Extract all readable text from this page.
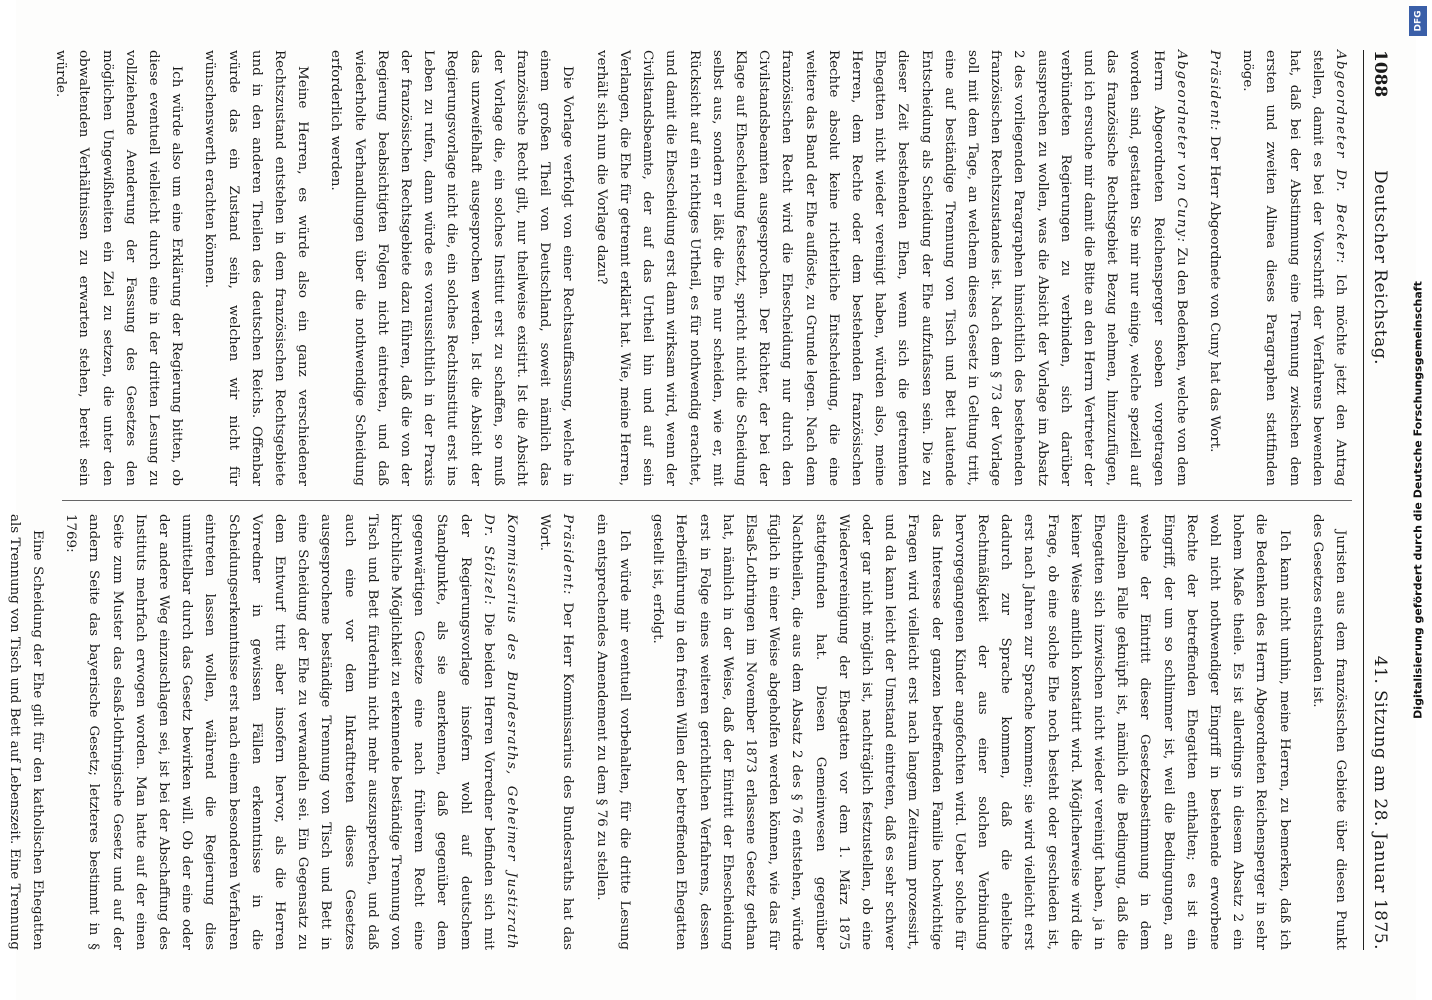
1088
Deutscher Reichstag.
41. Sitzung am 28. Januar 1875.

Abgeordneter Dr. Becker: Ich möchte jetzt den Antrag stellen, damit es bei der Vorschrift der Verfahrens bewenden hat, daß bei der Abstimmung eine Trennung zwischen dem ersten und zweiten Alinea dieses Paragraphen stattfinden möge.

Präsident: Der Herr Abgeordnete von Cuny hat das Wort.

Abgeordneter von Cuny: Zu den Bedenken, welche von dem Herrn Abgeordneten Reichensperger soeben vorgetragen worden sind, gestatten Sie mir nur einige, welche speziell auf das französische Rechtsgebiet Bezug nehmen, hinzuzufügen, und ich ersuche mir damit die Bitte an den Herrn Vertreter der verbündeten Regierungen zu verbinden, sich darüber aussprechen zu wollen, was die Absicht der Vorlage im Absatz 2 des vorliegenden Paragraphen hinsichtlich des bestehenden französischen Rechtszustandes ist. Nach dem § 73 der Vorlage soll mit dem Tage, an welchem dieses Gesetz in Geltung tritt, eine auf beständige Trennung von Tisch und Bett lautende Entscheidung als Scheidung der Ehe aufzufassen sein. Die zu dieser Zeit bestehenden Ehen, wenn sich die getrennten Ehegatten nicht wieder vereinigt haben, würden also, meine Herren, dem Rechte oder dem bestehenden französischen Rechte absolut keine richterliche Entscheidung, die eine weitere das Band der Ehe auflöste, zu Grunde legen. Nach dem französischen Recht wird die Ehescheidung nur durch den Civilstandsbeamten ausgesprochen. Der Richter, der bei der Klage auf Ehescheidung festsetzt, spricht nicht die Scheidung selbst aus, sondern er läßt die Ehe nur scheiden, wie er, mit Rücksicht auf ein richtiges Urtheil, es für nothwendig erachtet, und damit die Ehescheidung erst dann wirksam wird, wenn der Civilstandsbeamte, der auf das Urtheil hin und auf sein Verlangen, die Ehe für getrennt erklärt hat. Wie, meine Herren, verhält sich nun die Vorlage dazu?

Die Vorlage verfolgt von einer Rechtsauffassung, welche in einem großen Theil von Deutschland, soweit nämlich das französische Recht gilt, nur theilweise existirt. Ist die Absicht der Vorlage die, ein solches Institut erst zu schaffen, so muß das unzweifelhaft ausgesprochen werden. Ist die Absicht der Regierungsvorlage nicht die, ein solches Rechtsinstitut erst ins Leben zu rufen, dann würde es voraussichtlich in der Praxis der französischen Rechtsgebiete dazu führen, daß die von der Regierung beabsichtigten Folgen nicht eintreten, und daß wiederholte Verhandlungen über die nothwendige Scheidung erforderlich werden.

Meine Herren, es würde also ein ganz verschiedener Rechtszustand entstehen in dem französischen Rechtsgebiete und in den anderen Theilen des deutschen Reichs. Offenbar würde das ein Zustand sein, welchen wir nicht für wünschenswerth erachten können.

Ich würde also um eine Erklärung der Regierung bitten, ob diese eventuell vielleicht durch eine in der dritten Lesung zu vollziehende Aenderung der Fassung des Gesetzes den möglichen Ungewißheiten ein Ziel zu setzen, die unter den obwaltenden Verhältnissen zu erwarten stehen, bereit sein würde.

Juristen aus dem französischen Gebiete über diesen Punkt des Gesetzes entstanden ist.

Ich kann nicht umhin, meine Herren, zu bemerken, daß ich die Bedenken des Herrn Abgeordneten Reichensperger in sehr hohem Maße theile. Es ist allerdings in diesem Absatz 2 ein wohl nicht nothwendiger Eingriff in bestehende erworbene Rechte der betreffenden Ehegatten enthalten; es ist ein Eingriff, der um so schlimmer ist, weil die Bedingungen, an welche der Eintritt dieser Gesetzesbestimmung in dem einzelnen Falle geknüpft ist, nämlich die Bedingung, daß die Ehegatten sich inzwischen nicht wieder vereinigt haben, ja in keiner Weise amtlich konstatirt wird. Möglicherweise wird die Frage, ob eine solche Ehe noch besteht oder geschieden ist, erst nach Jahren zur Sprache kommen; sie wird vielleicht erst dadurch zur Sprache kommen, daß die eheliche Rechtmäßigkeit der aus einer solchen Verbindung hervorgegangenen Kinder angefochten wird. Ueber solche für das Interesse der ganzen betreffenden Familie hochwichtige Fragen wird vielleicht erst nach langem Zeitraum prozessirt, und da kann leicht der Umstand eintreten, daß es sehr schwer oder gar nicht möglich ist, nachträglich festzustellen, ob eine Wiedervereinigung der Ehegatten vor dem 1. März 1875 stattgefunden hat. Diesen Gemeinwesen gegenüber Nachtheilen, die aus dem Absatz 2 des § 76 entstehen, würde füglich in einer Weise abgeholfen werden können, wie das für Elsaß-Lothringen im November 1873 erlassene Gesetz gethan hat, nämlich in der Weise, daß der Eintritt der Ehescheidung erst in Folge eines weiteren gerichtlichen Verfahrens, dessen Herbeiführung in den freien Willen der betreffenden Ehegatten gestellt ist, erfolgt.

Ich würde mir eventuell vorbehalten, für die dritte Lesung ein entsprechendes Amendement zu dem § 76 zu stellen.

Präsident: Der Herr Kommissarius des Bundesraths hat das Wort.

Kommissarius des Bundesraths, Geheimer Justizrath Dr. Stölzel: Die beiden Herren Vorredner befinden sich mit der Regierungsvorlage insofern wohl auf deutschem Standpunkte, als sie anerkennen, daß gegenüber dem gegenwärtigen Gesetze eine nach früherem Recht eine kirchliche Möglichkeit zu erkennende beständige Trennung von Tisch und Bett fürderhin nicht mehr auszusprechen, und daß auch eine vor dem Inkrafttreten dieses Gesetzes ausgesprochene beständige Trennung von Tisch und Bett in eine Scheidung der Ehe zu verwandeln sei. Ein Gegensatz zu dem Entwurf tritt aber insofern hervor, als die Herren Vorredner in gewissen Fällen erkenntnisse in die Scheidungserkenntnisse erst nach einem besonderen Verfahren eintreten lassen wollen, während die Regierung dies unmittelbar durch das Gesetz bewirken will. Ob der eine oder der andere Weg einzuschlagen sei, ist bei der Abschaffung des Instituts mehrfach erwogen worden. Man hatte auf der einen Seite zum Muster das elsaß-lothringische Gesetz und auf der andern Seite das bayerische Gesetz; letzteres bestimmt in § 1769:

Eine Scheidung der Ehe gilt für den katholischen Ehegatten als Trennung von Tisch und Bett auf Lebenszeit. Eine Trennung

DFG
Digitalisierung gefördert durch die Deutsche Forschungsgemeinschaft
